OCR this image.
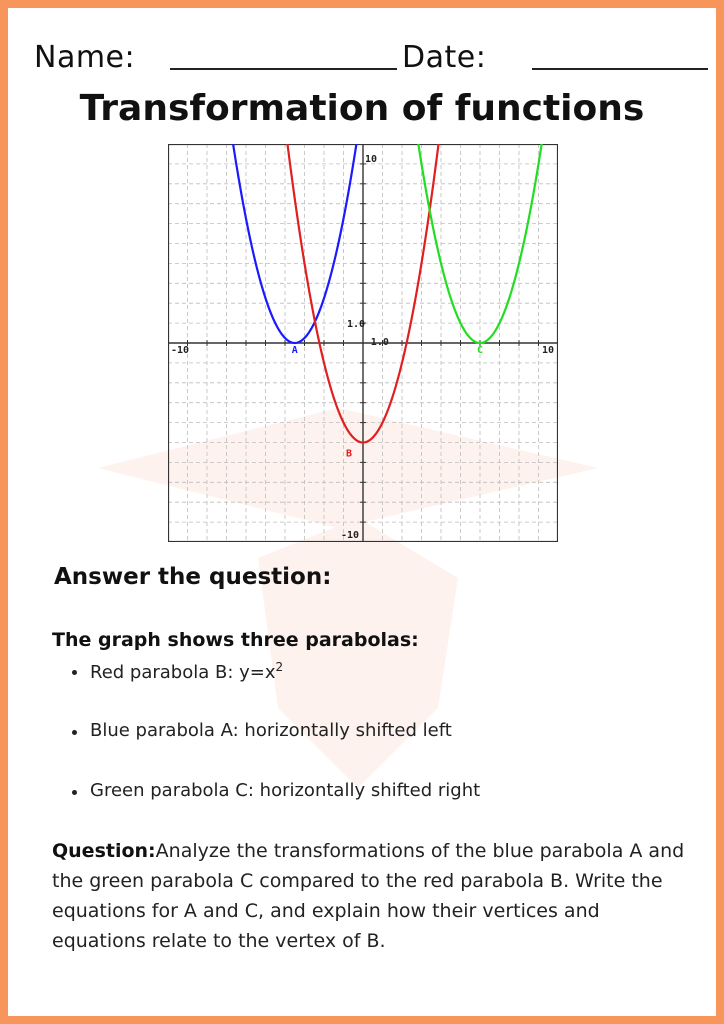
Name:	Date:
Transformation of functions
-10	10
10
-10
1.0
1.0
A
B
C
Answer the question:
The graph shows three parabolas:
Red parabola B: $y=x^2$
Blue parabola A: horizontally shifted left
Green parabola C: horizontally shifted right
Question:Analyze the transformations of the blue parabola A and the green parabola C compared to the red parabola B. Write the equations for A and C, and explain how their vertices and equations relate to the vertex of B.
